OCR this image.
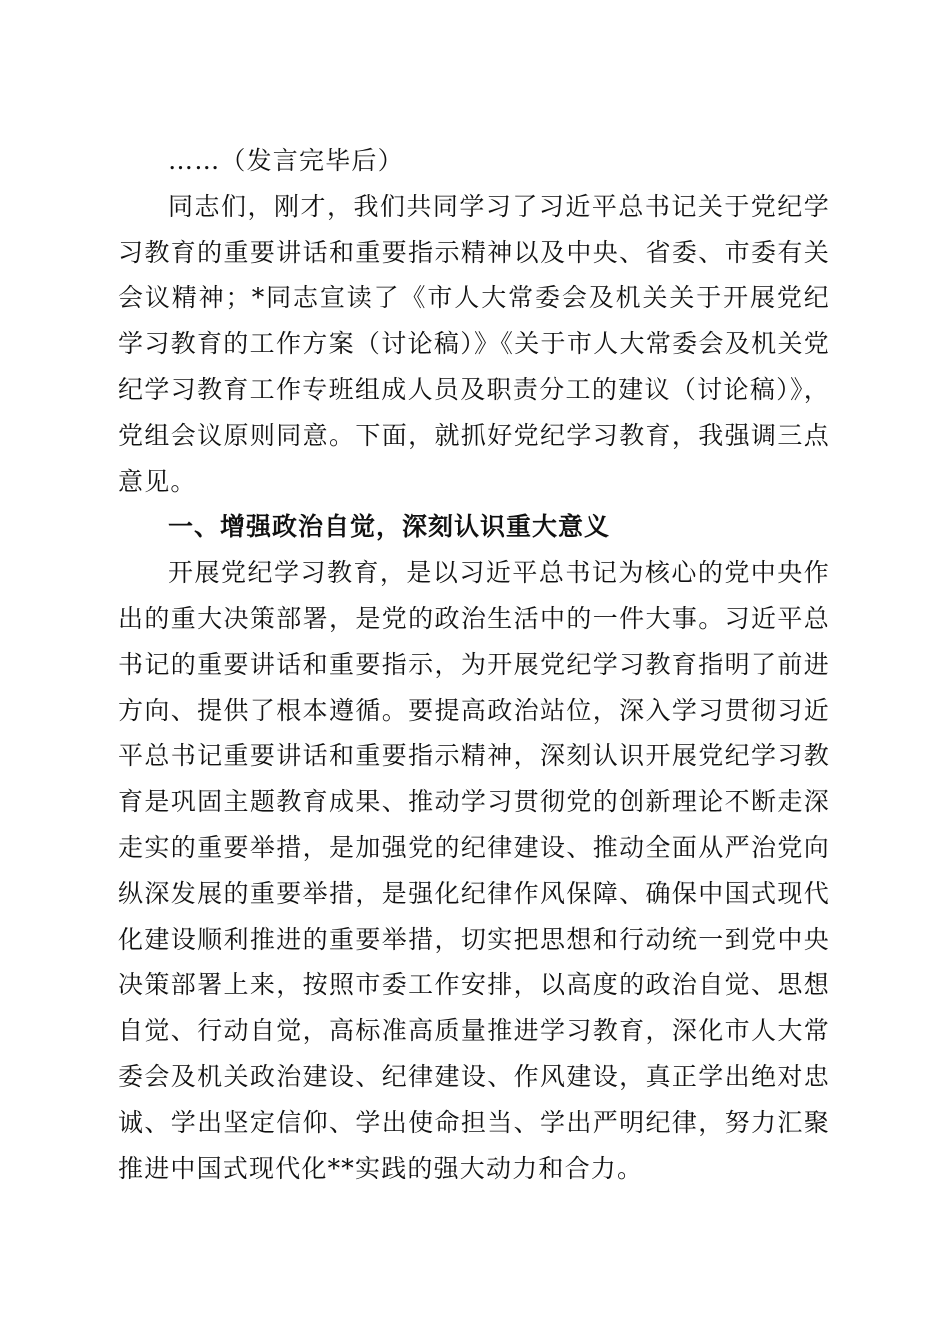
……（发言完毕后）

同志们，刚才，我们共同学习了习近平总书记关于党纪学习教育的重要讲话和重要指示精神以及中央、省委、市委有关会议精神；*同志宣读了《市人大常委会及机关关于开展党纪学习教育的工作方案（讨论稿）》《关于市人大常委会及机关党纪学习教育工作专班组成人员及职责分工的建议（讨论稿）》，党组会议原则同意。下面，就抓好党纪学习教育，我强调三点意见。

一、增强政治自觉，深刻认识重大意义

开展党纪学习教育，是以习近平总书记为核心的党中央作出的重大决策部署，是党的政治生活中的一件大事。习近平总书记的重要讲话和重要指示，为开展党纪学习教育指明了前进方向、提供了根本遵循。要提高政治站位，深入学习贯彻习近平总书记重要讲话和重要指示精神，深刻认识开展党纪学习教育是巩固主题教育成果、推动学习贯彻党的创新理论不断走深走实的重要举措，是加强党的纪律建设、推动全面从严治党向纵深发展的重要举措，是强化纪律作风保障、确保中国式现代化建设顺利推进的重要举措，切实把思想和行动统一到党中央决策部署上来，按照市委工作安排，以高度的政治自觉、思想自觉、行动自觉，高标准高质量推进学习教育，深化市人大常委会及机关政治建设、纪律建设、作风建设，真正学出绝对忠诚、学出坚定信仰、学出使命担当、学出严明纪律，努力汇聚推进中国式现代化**实践的强大动力和合力。
